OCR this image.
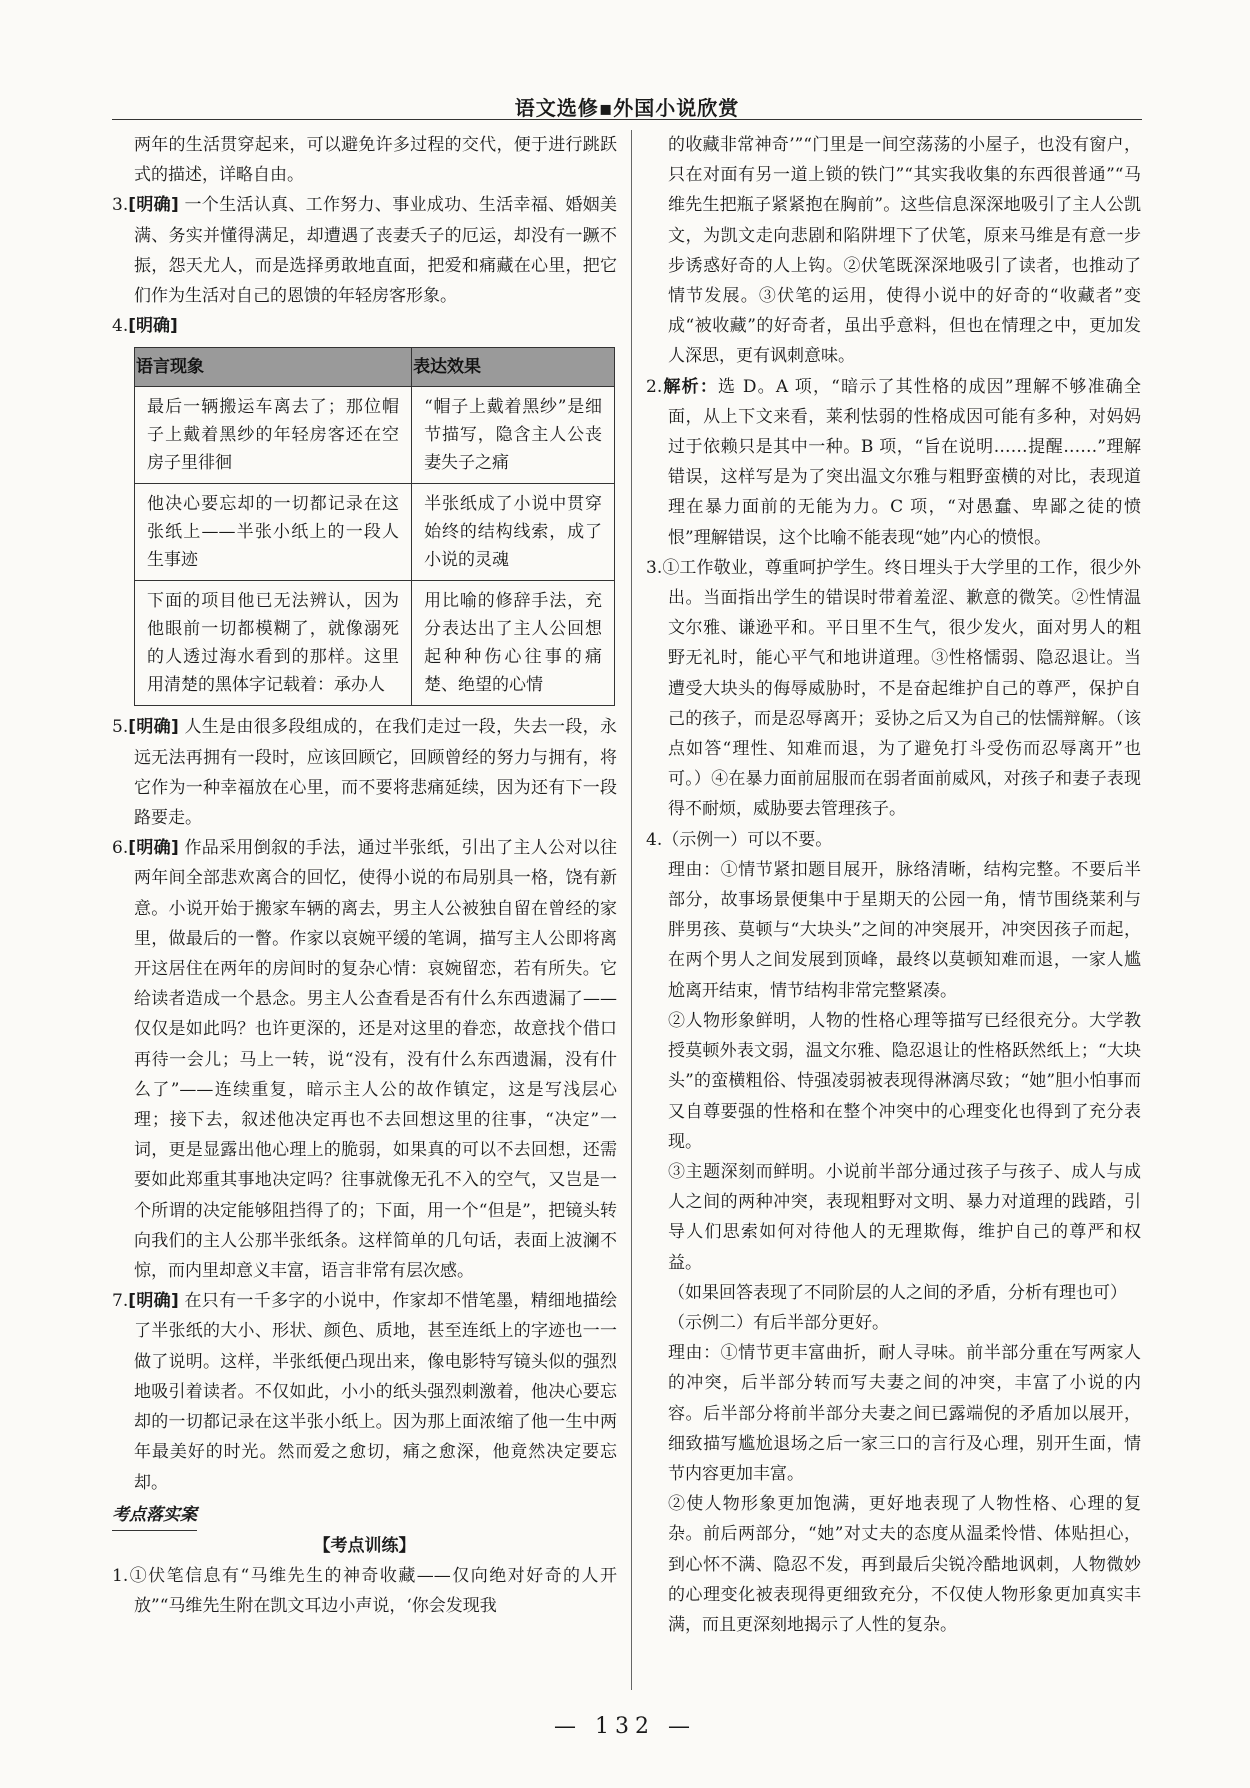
语文选修▪外国小说欣赏

两年的生活贯穿起来，可以避免许多过程的交代，便于进行跳跃式的描述，详略自由。

3.[明确] 一个生活认真、工作努力、事业成功、生活幸福、婚姻美满、务实并懂得满足，却遭遇了丧妻夭子的厄运，却没有一蹶不振，怨天尤人，而是选择勇敢地直面，把爱和痛藏在心里，把它们作为生活对自己的恩馈的年轻房客形象。

4.[明确]

语言现象	表达效果
最后一辆搬运车离去了；那位帽子上戴着黑纱的年轻房客还在空房子里徘徊	“帽子上戴着黑纱”是细节描写，隐含主人公丧妻失子之痛
他决心要忘却的一切都记录在这张纸上——半张小纸上的一段人生事迹	半张纸成了小说中贯穿始终的结构线索，成了小说的灵魂
下面的项目他已无法辨认，因为他眼前一切都模糊了，就像溺死的人透过海水看到的那样。这里用清楚的黑体字记载着：承办人	用比喻的修辞手法，充分表达出了主人公回想起种种伤心往事的痛楚、绝望的心情

5.[明确] 人生是由很多段组成的，在我们走过一段，失去一段，永远无法再拥有一段时，应该回顾它，回顾曾经的努力与拥有，将它作为一种幸福放在心里，而不要将悲痛延续，因为还有下一段路要走。

6.[明确] 作品采用倒叙的手法，通过半张纸，引出了主人公对以往两年间全部悲欢离合的回忆，使得小说的布局别具一格，饶有新意。小说开始于搬家车辆的离去，男主人公被独自留在曾经的家里，做最后的一瞥。作家以哀婉平缓的笔调，描写主人公即将离开这居住在两年的房间时的复杂心情：哀婉留恋，若有所失。它给读者造成一个悬念。男主人公查看是否有什么东西遗漏了——仅仅是如此吗？也许更深的，还是对这里的眷恋，故意找个借口再待一会儿；马上一转，说“没有，没有什么东西遗漏，没有什么了”——连续重复，暗示主人公的故作镇定，这是写浅层心理；接下去，叙述他决定再也不去回想这里的往事，“决定”一词，更是显露出他心理上的脆弱，如果真的可以不去回想，还需要如此郑重其事地决定吗？往事就像无孔不入的空气，又岂是一个所谓的决定能够阻挡得了的；下面，用一个“但是”，把镜头转向我们的主人公那半张纸条。这样简单的几句话，表面上波澜不惊，而内里却意义丰富，语言非常有层次感。

7.[明确] 在只有一千多字的小说中，作家却不惜笔墨，精细地描绘了半张纸的大小、形状、颜色、质地，甚至连纸上的字迹也一一做了说明。这样，半张纸便凸现出来，像电影特写镜头似的强烈地吸引着读者。不仅如此，小小的纸头强烈刺激着，他决心要忘却的一切都记录在这半张小纸上。因为那上面浓缩了他一生中两年最美好的时光。然而爱之愈切，痛之愈深，他竟然决定要忘却。

考点落实案
【考点训练】

1.①伏笔信息有“马维先生的神奇收藏——仅向绝对好奇的人开放”“马维先生附在凯文耳边小声说，‘你会发现我

的收藏非常神奇’”“门里是一间空荡荡的小屋子，也没有窗户，只在对面有另一道上锁的铁门”“其实我收集的东西很普通”“马维先生把瓶子紧紧抱在胸前”。这些信息深深地吸引了主人公凯文，为凯文走向悲剧和陷阱埋下了伏笔，原来马维是有意一步步诱惑好奇的人上钩。②伏笔既深深地吸引了读者，也推动了情节发展。③伏笔的运用，使得小说中的好奇的“收藏者”变成“被收藏”的好奇者，虽出乎意料，但也在情理之中，更加发人深思，更有讽刺意味。

2.解析：选 D。A 项，“暗示了其性格的成因”理解不够准确全面，从上下文来看，莱利怯弱的性格成因可能有多种，对妈妈过于依赖只是其中一种。B 项，“旨在说明……提醒……”理解错误，这样写是为了突出温文尔雅与粗野蛮横的对比，表现道理在暴力面前的无能为力。C 项，“对愚蠢、卑鄙之徒的愤恨”理解错误，这个比喻不能表现“她”内心的愤恨。

3.①工作敬业，尊重呵护学生。终日埋头于大学里的工作，很少外出。当面指出学生的错误时带着羞涩、歉意的微笑。②性情温文尔雅、谦逊平和。平日里不生气，很少发火，面对男人的粗野无礼时，能心平气和地讲道理。③性格懦弱、隐忍退让。当遭受大块头的侮辱威胁时，不是奋起维护自己的尊严，保护自己的孩子，而是忍辱离开；妥协之后又为自己的怯懦辩解。（该点如答“理性、知难而退，为了避免打斗受伤而忍辱离开”也可。）④在暴力面前屈服而在弱者面前威风，对孩子和妻子表现得不耐烦，威胁要去管理孩子。

4.（示例一）可以不要。

理由：①情节紧扣题目展开，脉络清晰，结构完整。不要后半部分，故事场景便集中于星期天的公园一角，情节围绕莱利与胖男孩、莫顿与“大块头”之间的冲突展开，冲突因孩子而起，在两个男人之间发展到顶峰，最终以莫顿知难而退，一家人尴尬离开结束，情节结构非常完整紧凑。

②人物形象鲜明，人物的性格心理等描写已经很充分。大学教授莫顿外表文弱，温文尔雅、隐忍退让的性格跃然纸上；“大块头”的蛮横粗俗、恃强凌弱被表现得淋漓尽致；“她”胆小怕事而又自尊要强的性格和在整个冲突中的心理变化也得到了充分表现。

③主题深刻而鲜明。小说前半部分通过孩子与孩子、成人与成人之间的两种冲突，表现粗野对文明、暴力对道理的践踏，引导人们思索如何对待他人的无理欺侮，维护自己的尊严和权益。

（如果回答表现了不同阶层的人之间的矛盾，分析有理也可）

（示例二）有后半部分更好。

理由：①情节更丰富曲折，耐人寻味。前半部分重在写两家人的冲突，后半部分转而写夫妻之间的冲突，丰富了小说的内容。后半部分将前半部分夫妻之间已露端倪的矛盾加以展开，细致描写尴尬退场之后一家三口的言行及心理，别开生面，情节内容更加丰富。

②使人物形象更加饱满，更好地表现了人物性格、心理的复杂。前后两部分，“她”对丈夫的态度从温柔怜惜、体贴担心，到心怀不满、隐忍不发，再到最后尖锐冷酷地讽刺，人物微妙的心理变化被表现得更细致充分，不仅使人物形象更加真实丰满，而且更深刻地揭示了人性的复杂。

— 132 —
